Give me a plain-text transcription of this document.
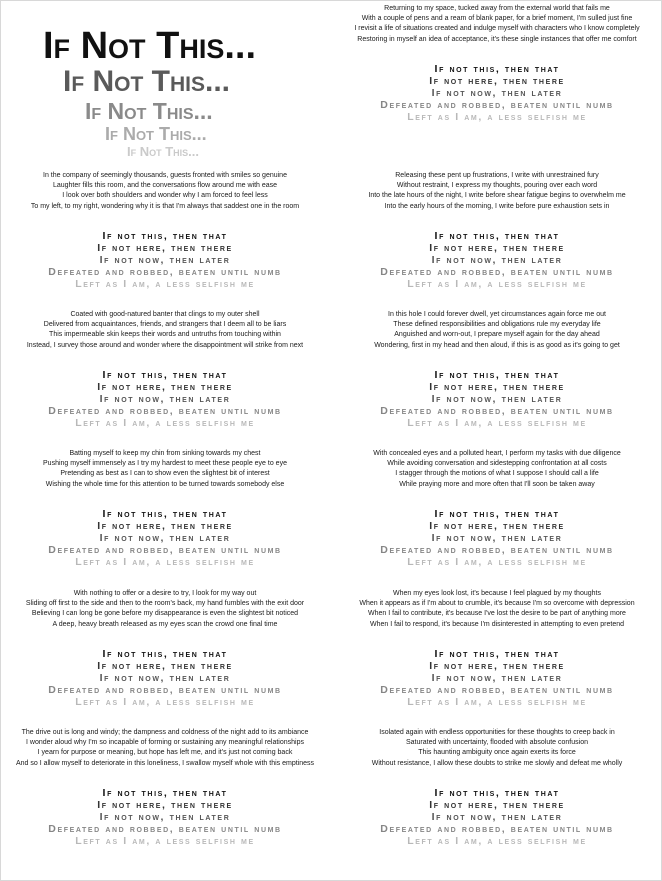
If Not This...
If Not This...
If Not This...
If Not This...
If Not This...
In the company of seemingly thousands, guests fronted with smiles so genuine
Laughter fills this room, and the conversations flow around me with ease
I look over both shoulders and wonder why I am forced to feel less
To my left, to my right, wondering why it is that I'm always that saddest one in the room
If not this, then that
If not here, then there
If not now, then later
Defeated and robbed, beaten until numb
Left as I am, a less selfish me
Coated with good-natured banter that clings to my outer shell
Delivered from acquaintances, friends, and strangers that I deem all to be liars
This impermeable skin keeps their words and untruths from touching within
Instead, I survey those around and wonder where the disappointment will strike from next
If not this, then that
If not here, then there
If not now, then later
Defeated and robbed, beaten until numb
Left as I am, a less selfish me
Batting myself to keep my chin from sinking towards my chest
Pushing myself immensely as I try my hardest to meet these people eye to eye
Pretending as best as I can to show even the slightest bit of interest
Wishing the whole time for this attention to be turned towards somebody else
If not this, then that
If not here, then there
If not now, then later
Defeated and robbed, beaten until numb
Left as I am, a less selfish me
With nothing to offer or a desire to try, I look for my way out
Sliding off first to the side and then to the room's back, my hand fumbles with the exit door
Believing I can long be gone before my disappearance is even the slightest bit noticed
A deep, heavy breath released as my eyes scan the crowd one final time
If not this, then that
If not here, then there
If not now, then later
Defeated and robbed, beaten until numb
Left as I am, a less selfish me
The drive out is long and windy; the dampness and coldness of the night add to its ambiance
I wonder aloud why I'm so incapable of forming or sustaining any meaningful relationships
I yearn for purpose or meaning, but hope has left me, and it's just not coming back
And so I allow myself to deteriorate in this loneliness, I swallow myself whole with this emptiness
If not this, then that
If not here, then there
If not now, then later
Defeated and robbed, beaten until numb
Left as I am, a less selfish me
Returning to my space, tucked away from the external world that fails me
With a couple of pens and a ream of blank paper, for a brief moment, I'm sulled just fine
I revisit a life of situations created and indulge myself with characters who I know completely
Restoring in myself an idea of acceptance, it's these single instances that offer me comfort
If not this, then that
If not here, then there
If not now, then later
Defeated and robbed, beaten until numb
Left as I am, a less selfish me
Releasing these pent up frustrations, I write with unrestrained fury
Without restraint, I express my thoughts, pouring over each word
Into the late hours of the night, I write before shear fatigue begins to overwhelm me
Into the early hours of the morning, I write before pure exhaustion sets in
If not this, then that
If not here, then there
If not now, then later
Defeated and robbed, beaten until numb
Left as I am, a less selfish me
In this hole I could forever dwell, yet circumstances again force me out
These defined responsibilities and obligations rule my everyday life
Anguished and worn-out, I prepare myself again for the day ahead
Wondering, first in my head and then aloud, if this is as good as it's going to get
If not this, then that
If not here, then there
If not now, then later
Defeated and robbed, beaten until numb
Left as I am, a less selfish me
With concealed eyes and a polluted heart, I perform my tasks with due diligence
While avoiding conversation and sidestepping confrontation at all costs
I stagger through the motions of what I suppose I should call a life
While praying more and more often that I'll soon be taken away
If not this, then that
If not here, then there
If not now, then later
Defeated and robbed, beaten until numb
Left as I am, a less selfish me
When my eyes look lost, it's because I feel plagued by my thoughts
When it appears as if I'm about to crumble, it's because I'm so overcome with depression
When I fail to contribute, it's because I've lost the desire to be part of anything more
When I fail to respond, it's because I'm disinterested in attempting to even pretend
If not this, then that
If not here, then there
If not now, then later
Defeated and robbed, beaten until numb
Left as I am, a less selfish me
Isolated again with endless opportunities for these thoughts to creep back in
Saturated with uncertainty, flooded with absolute confusion
This haunting ambiguity once again exerts its force
Without resistance, I allow these doubts to strike me slowly and defeat me wholly
If not this, then that
If not here, then there
If not now, then later
Defeated and robbed, beaten until numb
Left as I am, a less selfish me
